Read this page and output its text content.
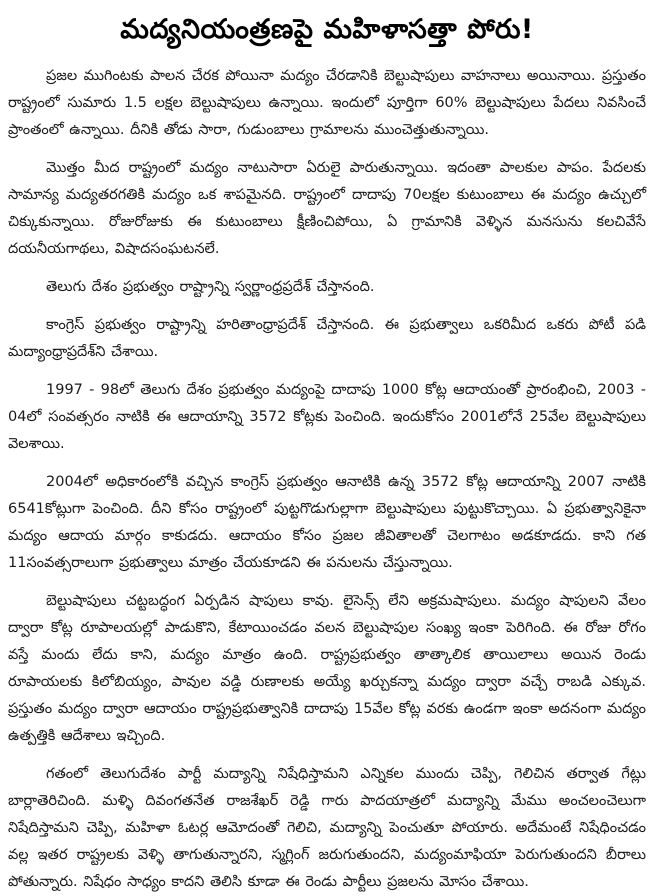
మద్యనియంత్రణపై మహిళాసత్తా పోరు!

ప్రజల ముగింటకు పాలన చేరక పోయినా మద్యం చేరడానికి బెల్టుషాపులు వాహనాలు అయినాయి. ప్రస్తుతం రాష్ట్రంలో సుమారు 1.5 లక్షల బెల్టుషాపులు ఉన్నాయి. ఇందులో పూర్తిగా 60% బెల్టుషాపులు పేదలు నివసించే ప్రాంతంలో ఉన్నాయి. దీనికి తోడు సారా, గుడుంబాలు గ్రామాలను ముంచెత్తుతున్నాయి.

మొత్తం మీద రాష్ట్రంలో మద్యం నాటుసారా ఏరులై పారుతున్నాయి. ఇదంతా పాలకుల పాపం. పేదలకు సామాన్య మద్యతరగతికి మద్యం ఒక శాపమైనది. రాష్ట్రంలో దాదాపు 70లక్షల కుటుంబాలు ఈ మద్యం ఉచ్చులో చిక్కుకున్నాయి. రోజురోజుకు ఈ కుటుంబాలు క్షీణించిపోయి, ఏ గ్రామానికి వెళ్ళిన మనసును కలచివేసే దయనీయగాథలు, విషాదసంఘటనలే.

తెలుగు దేశం ప్రభుత్వం రాష్ట్రాన్ని స్వర్ణాంధ్రప్రదేశ్ చేస్తానంది.

కాంగ్రెస్ ప్రభుత్వం రాష్ట్రాన్ని హరితాంధ్రాప్రదేశ్ చేస్తానంది. ఈ ప్రభుత్వాలు ఒకరిమీద ఒకరు పోటీ పడి మద్యాంధ్రాప్రదేశ్‌ని చేశాయి.

1997 - 98లో తెలుగు దేశం ప్రభుత్వం మద్యంపై దాదాపు 1000 కోట్ల ఆదాయంతో ప్రారంభించి, 2003 - 04లో సంవత్సరం నాటికి ఈ ఆదాయాన్ని 3572 కోట్లకు పెంచింది. ఇందుకోసం 2001లోనే 25వేల బెల్టుషాపులు వెలశాయి.

2004లో అధికారంలోకి వచ్చిన కాంగ్రెస్ ప్రభుత్వం ఆనాటికి ఉన్న 3572 కోట్ల ఆదాయాన్ని 2007 నాటికి 6541కోట్లుగా పెంచింది. దీని కోసం రాష్ట్రంలో పుట్టగొడుగుల్లాగా బెల్టుషాపులు పుట్టుకొచ్చాయి. ఏ ప్రభుత్వానికైనా మద్యం ఆదాయ మార్గం కాకుడదు. ఆదాయం కోసం ప్రజల జీవితాలతో చెలగాటం అడకూడదు. కాని గత 11సంవత్సరాలుగా ప్రభుత్వాలు మాత్రం చేయకూడని ఈ పనులను చేస్తున్నాయి.

బెల్టుషాపులు చట్టబద్ధంగ ఏర్పడిన షాపులు కావు. లైసెన్స్ లేని అక్రమషాపులు. మద్యం షాపులని వేలం ద్వారా కోట్ల రూపాలయల్లో పాడుకొని, కేటాయించడం వలన బెల్టుషాపుల సంఖ్య ఇంకా పెరిగింది. ఈ రోజు రోగం వస్తే మందు లేదు కాని, మద్యం మాత్రం ఉంది. రాష్ట్రప్రభుత్వం తాత్కాలిక తాయిలాలు అయిన రెండు రూపాయలకు కిలోబియ్యం, పావుల వడ్డి రుణాలకు అయ్యే ఖర్చుకన్నా మద్యం ద్వారా వచ్చే రాబడి ఎక్కువ. ప్రస్తుతం మద్యం ద్వారా ఆదాయం రాష్ట్రప్రభుత్వానికి దాదాపు 15వేల కోట్ల వరకు ఉండగా ఇంకా అదనంగా మద్యం ఉత్పత్తికి ఆదేశాలు ఇచ్చింది.

గతంలో తెలుగుదేశం పార్టీ మద్యాన్ని నిషేధిస్తామని ఎన్నికల ముందు చెప్పి, గెలిచిన తర్వాత గేట్లు బార్లాతెరిచింది. మళ్ళి దివంగతనేత రాజశేఖర్ రెడ్డి గారు పాదయాత్రలో మద్యాన్ని మేము అంచలంచెలుగా నిషేదిస్తామని చెప్పి, మహిళా ఓటర్ల ఆమోదంతో గెలిచి, మద్యాన్ని పెంచుతూ పోయారు. అదేమంటే నిషేధించడం వల్ల ఇతర రాష్ట్రలకు వెళ్ళి తాగుతున్నారని, స్మగ్లింగ్ జరుగుతుందని, మద్యంమాఫియా పెరుగుతుందని బీరాలు పోతున్నారు. నిషేధం సాధ్యం కాదని తెలిసి కూడా ఈ రెండు పార్టీలు ప్రజలను మోసం చేశాయి.
